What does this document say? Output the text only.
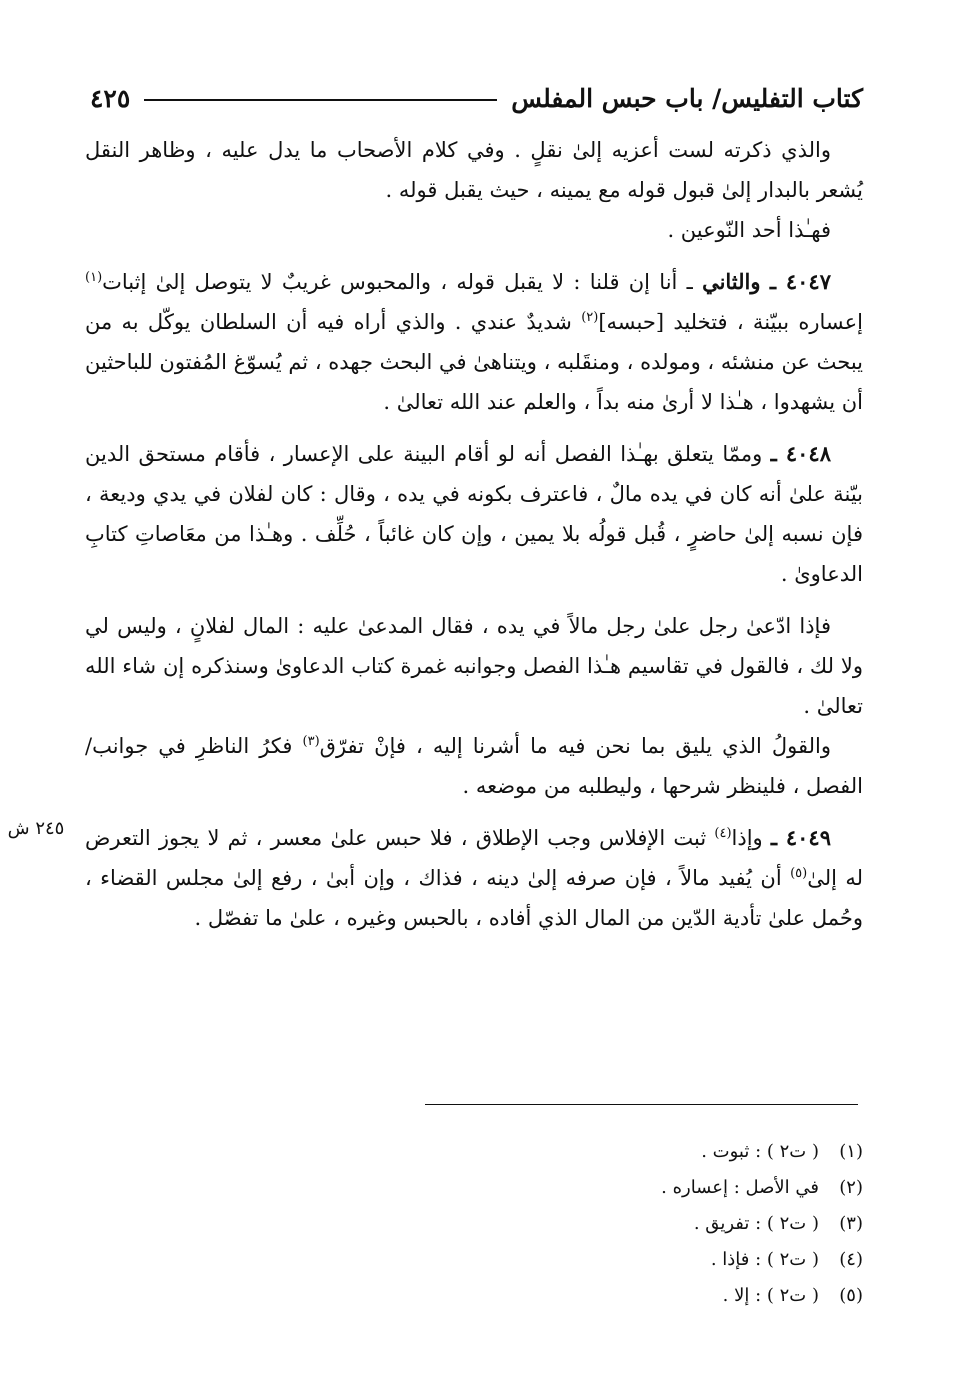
كتاب التفليس/ باب حبس المفلس
٤٢٥
٢٤٥ ش

والذي ذكرته لست أعزيه إلىٰ نقلٍ . وفي كلام الأصحاب ما يدل عليه ، وظاهر النقل يُشعر بالبدار إلىٰ قبول قوله مع يمينه ، حيث يقبل قوله .

فهـٰذا أحد النّوعين .

٤٠٤٧ ـ والثاني ـ أنا إن قلنا : لا يقبل قوله ، والمحبوس غريبٌ لا يتوصل إلىٰ إثبات$^{(١)}$ إعساره ببيّنة ، فتخليد [حبسه]$^{(٢)}$ شديدٌ عندي . والذي أراه فيه أن السلطان يوكّل به من يبحث عن منشئه ، ومولده ، ومنقَلبه ، ويتناهىٰ في البحث جهده ، ثم يُسوّغ المُفتون للباحثين أن يشهدوا ، هـٰذا لا أرىٰ منه بداً ، والعلم عند الله تعالىٰ .

٤٠٤٨ ـ وممّا يتعلق بهـٰذا الفصل أنه لو أقام البينة على الإعسار ، فأقام مستحق الدين بيّنة علىٰ أنه كان في يده مالٌ ، فاعترف بكونه في يده ، وقال : كان لفلان في يدي وديعة ، فإن نسبه إلىٰ حاضرٍ ، قُبل قولُه بلا يمين ، وإن كان غائباً ، حُلِّف . وهـٰذا من معَاصاتِ كتابِ الدعاوىٰ .

فإذا ادّعىٰ رجل علىٰ رجل مالاً في يده ، فقال المدعىٰ عليه : المال لفلانٍ ، وليس لي ولا لك ، فالقول في تقاسيم هـٰذا الفصل وجوانبه غمرة كتاب الدعاوىٰ وسنذكره إن شاء الله تعالىٰ .

والقولُ الذي يليق بما نحن فيه ما أشرنا إليه ، فإنْ تفرّق$^{(٣)}$ فكرُ الناظرِ في جوانب/ الفصل ، فلينظر شرحها ، وليطلبه من موضعه .

٤٠٤٩ ـ وإذا$^{(٤)}$ ثبت الإفلاس وجب الإطلاق ، فلا حبس علىٰ معسر ، ثم لا يجوز التعرض له إلىٰ$^{(٥)}$ أن يُفيد مالاً ، فإن صرفه إلىٰ دينه ، فذاك ، وإن أبىٰ ، رفع إلىٰ مجلس القضاء ، وحُمل علىٰ تأدية الدّين من المال الذي أفاده ، بالحبس وغيره ، علىٰ ما تفصّل .

(١)
( ت٢ ) : ثبوت .
(٢)
في الأصل : إعساره .
(٣)
( ت٢ ) : تفريق .
(٤)
( ت٢ ) : فإذا .
(٥)
( ت٢ ) : إلا .
